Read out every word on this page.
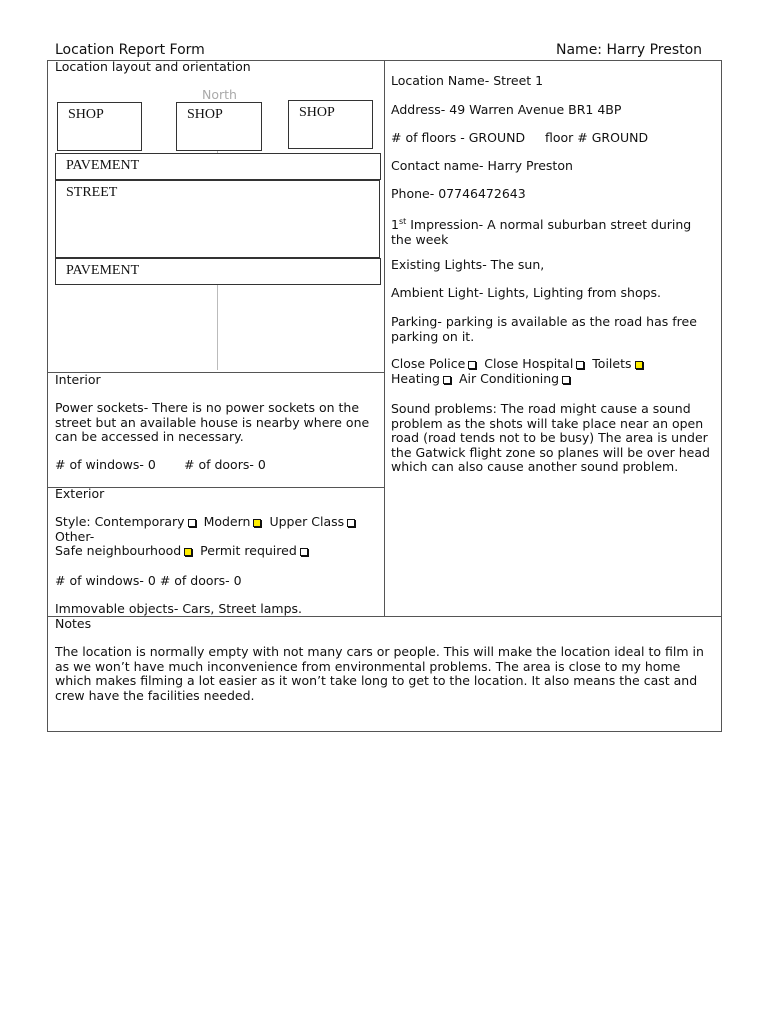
Location Report Form	Name: Harry Preston
Location layout and orientation
North
SHOP	SHOP	SHOP
PAVEMENT
STREET
PAVEMENT
Interior
Power sockets- There is no power sockets on the street but an available house is nearby where one can be accessed in necessary.
# of windows- 0 # of doors- 0
Exterior
Style: Contemporary Modern Upper Class
Other-
Safe neighbourhood Permit required
# of windows- 0 # of doors- 0
Immovable objects- Cars, Street lamps.
Location Name- Street 1
Address- 49 Warren Avenue BR1 4BP
# of floors - GROUND floor # GROUND
Contact name- Harry Preston
Phone- 07746472643
1st Impression- A normal suburban street during the week
Existing Lights- The sun,
Ambient Light- Lights, Lighting from shops.
Parking- parking is available as the road has free parking on it.
Close Police Close Hospital Toilets
Heating Air Conditioning
Sound problems: The road might cause a sound problem as the shots will take place near an open road (road tends not to be busy) The area is under the Gatwick flight zone so planes will be over head which can also cause another sound problem.
Notes
The location is normally empty with not many cars or people. This will make the location ideal to film in as we won’t have much inconvenience from environmental problems. The area is close to my home which makes filming a lot easier as it won’t take long to get to the location. It also means the cast and crew have the facilities needed.
